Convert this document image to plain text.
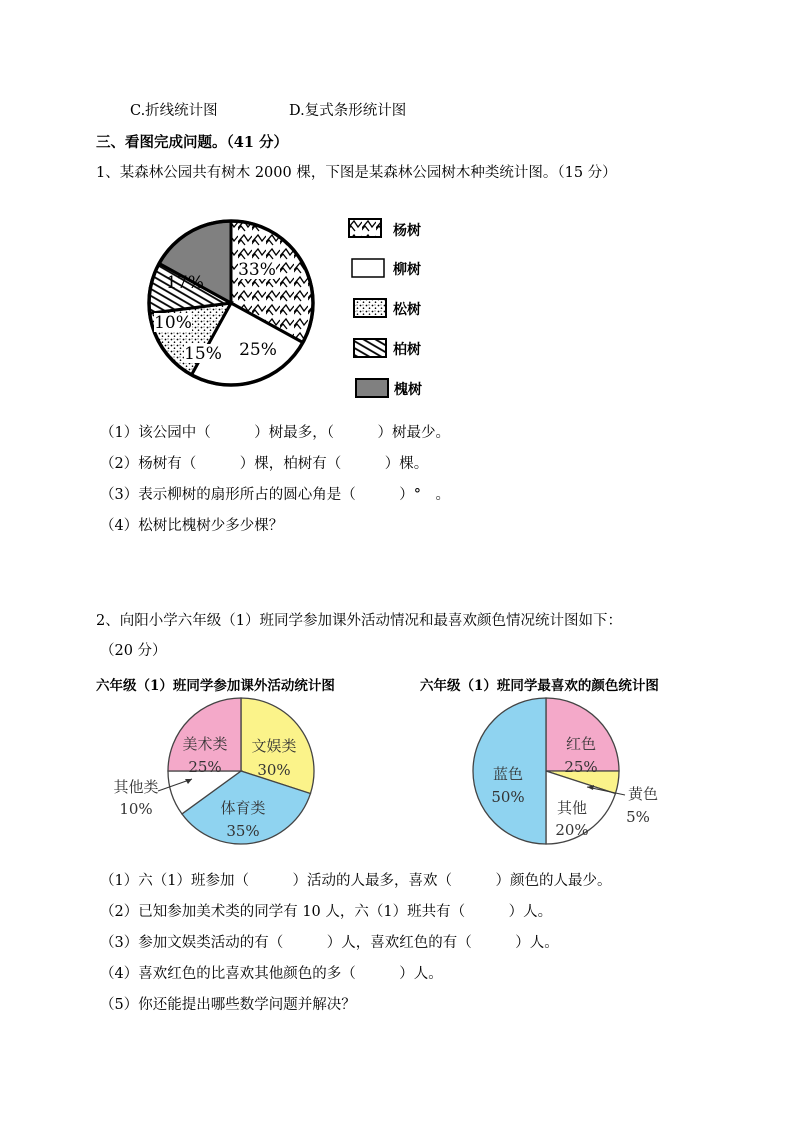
C.折线统计图	D.复式条形统计图
三、看图完成问题。（41 分）
1、某森林公园共有树木 2000 棵，下图是某森林公园树木种类统计图。（15 分）
33%
25%
15%
10%
17%
杨树
柳树
松树
柏树
槐树
（1）该公园中（　　　）树最多，（　　　）树最少。
（2）杨树有（　　　）棵，柏树有（　　　）棵。
（3）表示柳树的扇形所占的圆心角是（　　　）°　。
（4）松树比槐树少多少棵？
2、向阳小学六年级（1）班同学参加课外活动情况和最喜欢颜色情况统计图如下：
（20 分）
六年级（1）班同学参加课外活动统计图	六年级（1）班同学最喜欢的颜色统计图
文娱类
30%
体育类
35%
其他类
10%
美术类
25%
红色
25%
黄色
5%
其他
20%
蓝色
50%
（1）六（1）班参加（　　　）活动的人最多，喜欢（　　　）颜色的人最少。
（2）已知参加美术类的同学有 10 人，六（1）班共有（　　　）人。
（3）参加文娱类活动的有（　　　）人，喜欢红色的有（　　　）人。
（4）喜欢红色的比喜欢其他颜色的多（　　　）人。
（5）你还能提出哪些数学问题并解决？
